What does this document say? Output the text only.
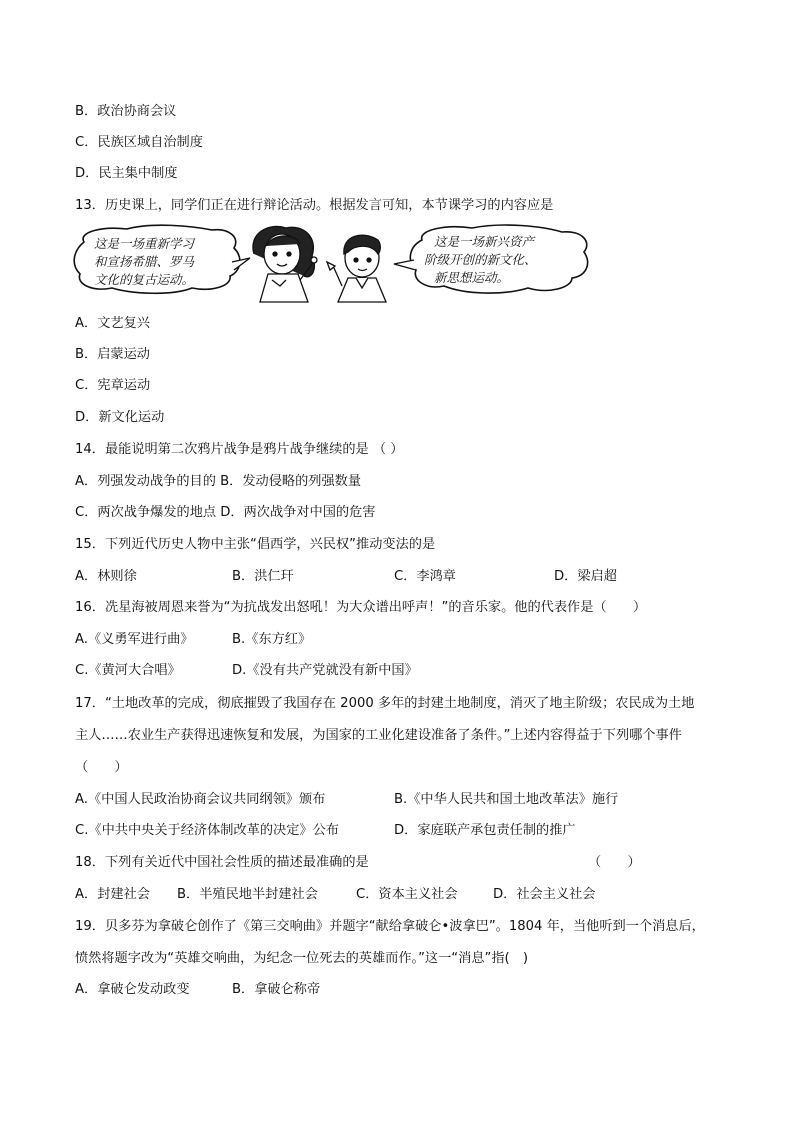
B．政治协商会议
C．民族区域自治制度
D．民主集中制度
13．历史课上，同学们正在进行辩论活动。根据发言可知，本节课学习的内容应是
这是一场重新学习
和宣扬希腊、罗马
文化的复古运动。
这是一场新兴资产
阶级开创的新文化、
新思想运动。
A．文艺复兴
B．启蒙运动
C．宪章运动
D．新文化运动
14．最能说明第二次鸦片战争是鸦片战争继续的是 （ ）
A．列强发动战争的目的 B．发动侵略的列强数量
C．两次战争爆发的地点 D．两次战争对中国的危害
15．下列近代历史人物中主张“倡西学，兴民权”推动变法的是
A．林则徐	B．洪仁玕	C．李鸿章	D．梁启超
16．冼星海被周恩来誉为“为抗战发出怒吼！为大众谱出呼声！”的音乐家。他的代表作是（　　）
A.《义勇军进行曲》	B.《东方红》
C.《黄河大合唱》	D.《没有共产党就没有新中国》
17．“土地改革的完成，彻底摧毁了我国存在 2000 多年的封建土地制度，消灭了地主阶级；农民成为土地
主人……农业生产获得迅速恢复和发展，为国家的工业化建设准备了条件。”上述内容得益于下列哪个事件
（　　）
A.《中国人民政治协商会议共同纲领》颁布	B.《中华人民共和国土地改革法》施行
C.《中共中央关于经济体制改革的决定》公布	D．家庭联产承包责任制的推广
18．下列有关近代中国社会性质的描述最准确的是	（　　）
A．封建社会 B．半殖民地半封建社会	C．资本主义社会	D．社会主义社会
19．贝多芬为拿破仑创作了《第三交响曲》并题字“献给拿破仑•波拿巴”。1804 年，当他听到一个消息后，
愤然将题字改为“英雄交响曲，为纪念一位死去的英雄而作。”这一“消息”指(　)
A．拿破仑发动政变	B．拿破仑称帝
